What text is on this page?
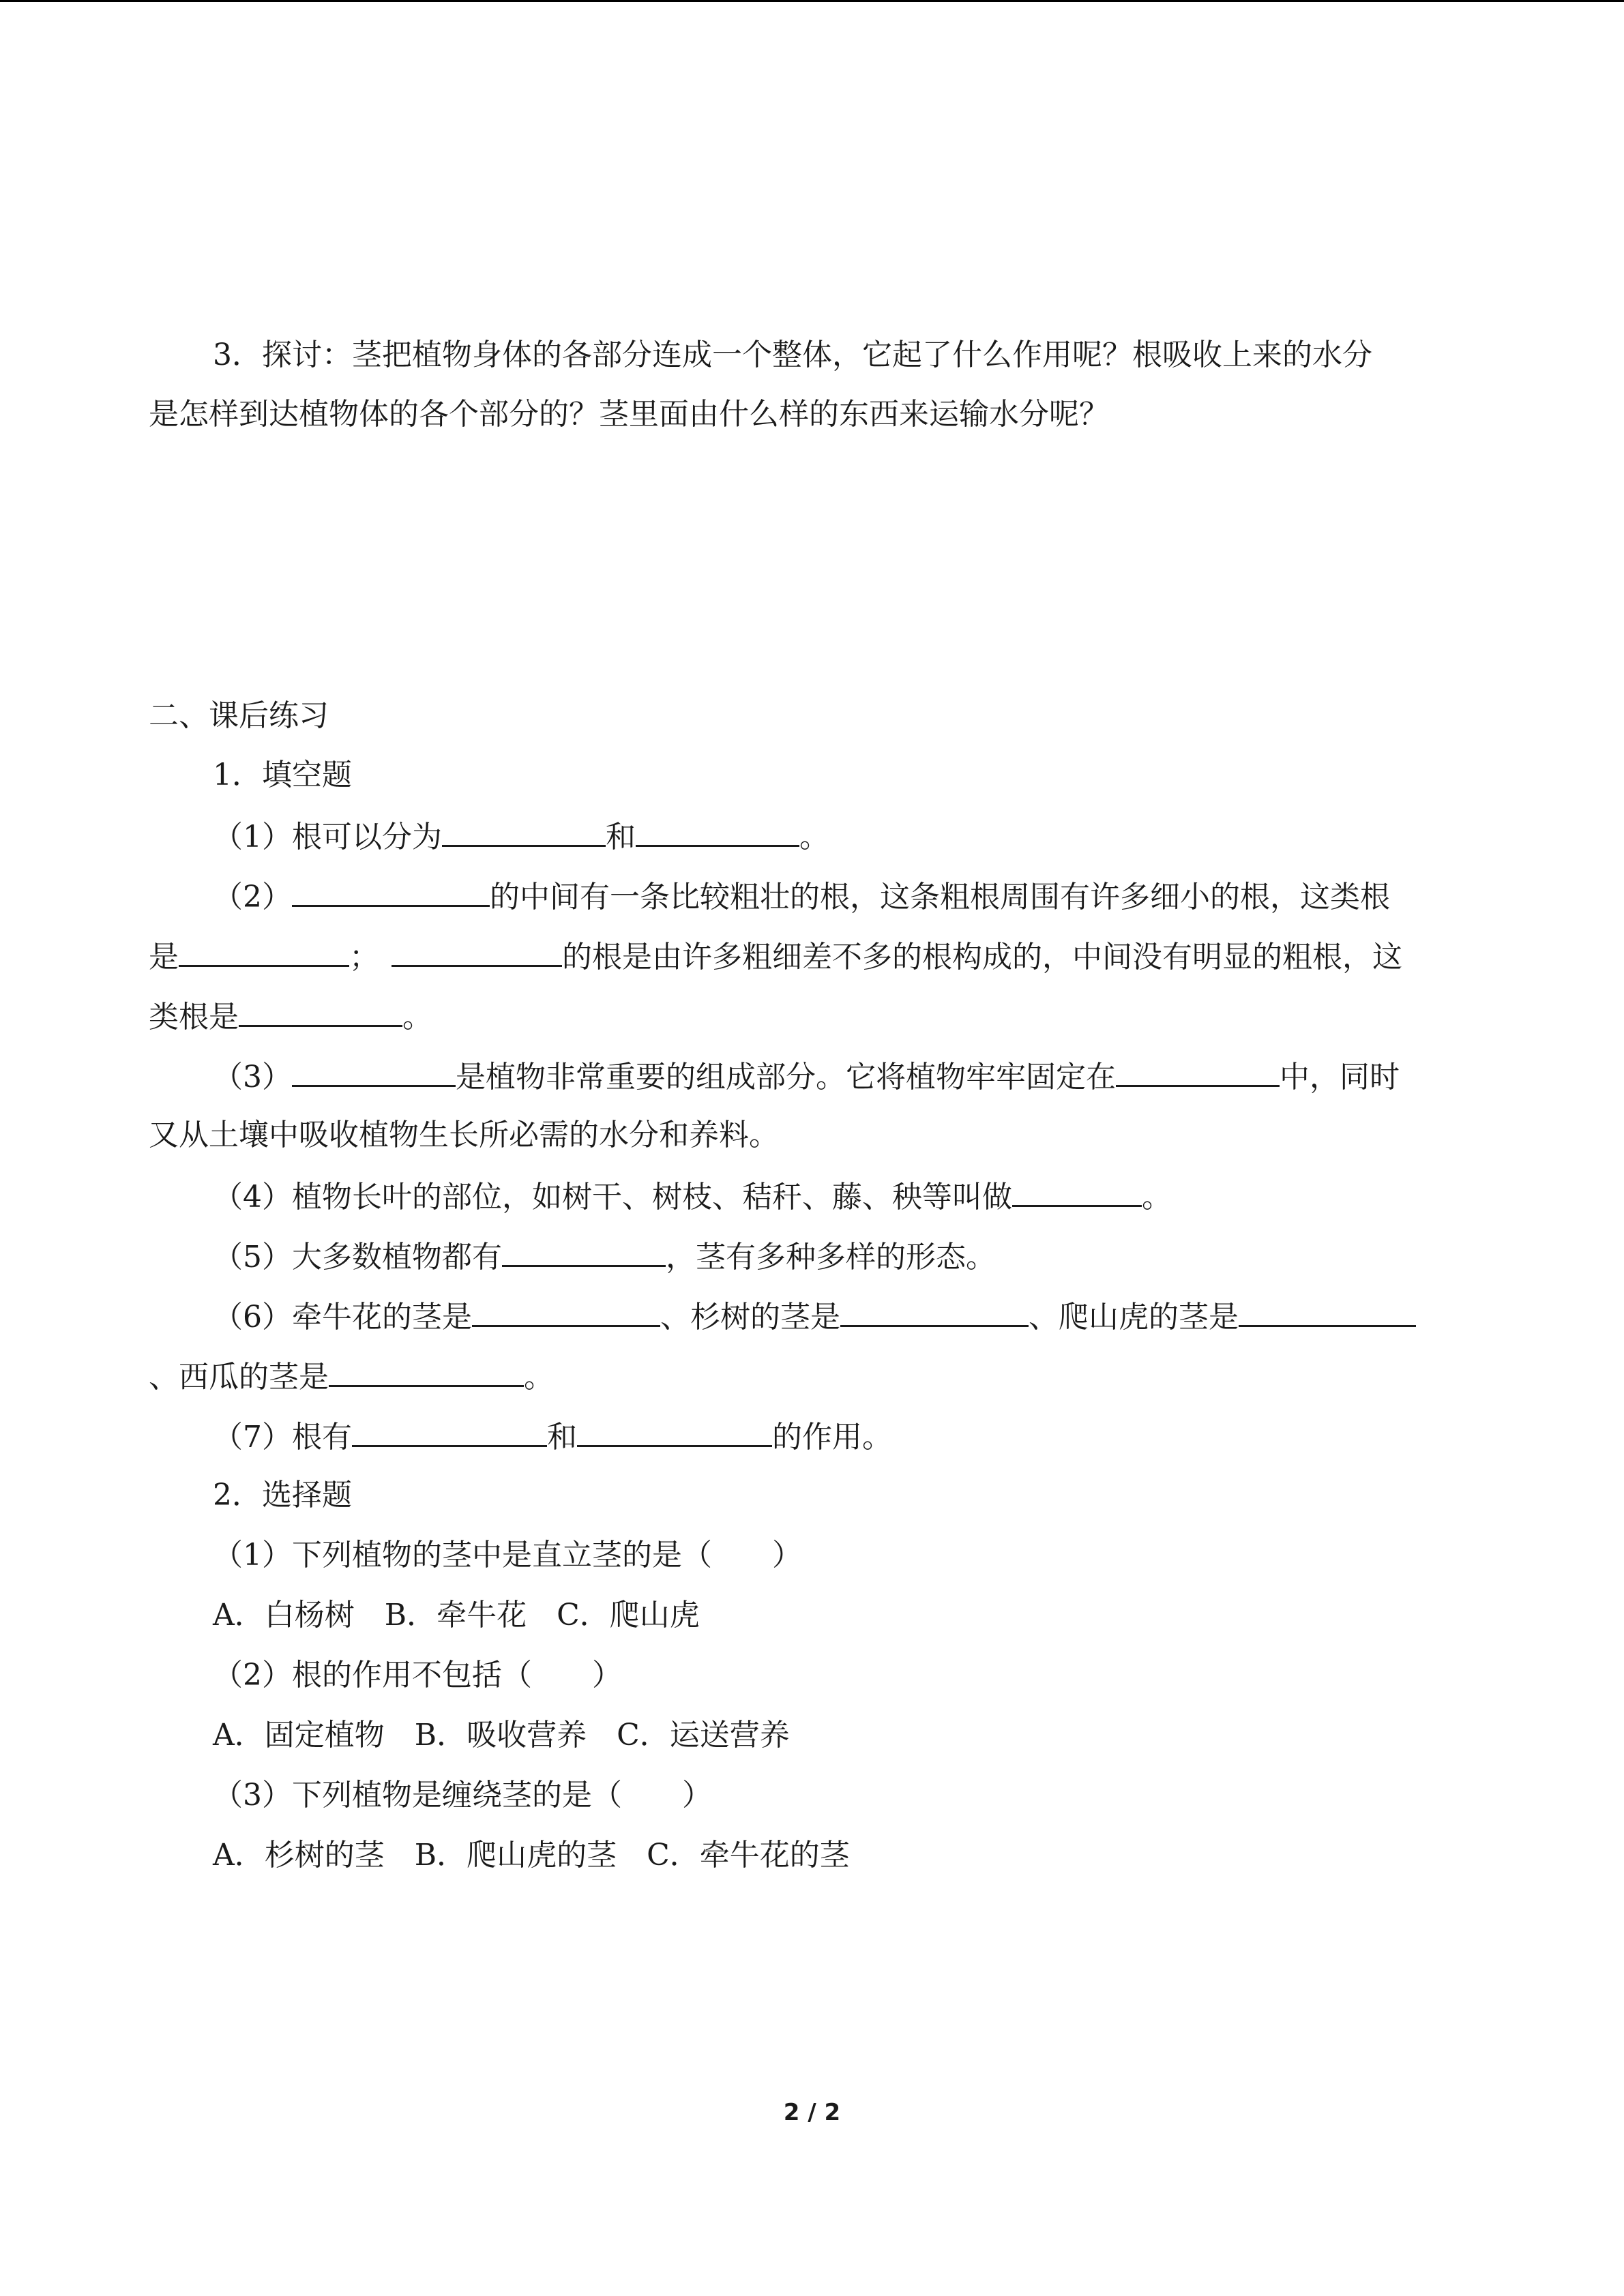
3．探讨：茎把植物身体的各部分连成一个整体，它起了什么作用呢？根吸收上来的水分
是怎样到达植物体的各个部分的？茎里面由什么样的东西来运输水分呢？
二、课后练习
1．填空题
（1）根可以分为	和	。
（2）	的中间有一条比较粗壮的根，这条粗根周围有许多细小的根，这类根
是	；	的根是由许多粗细差不多的根构成的，中间没有明显的粗根，这
类根是	。
（3）	是植物非常重要的组成部分。它将植物牢牢固定在	中，同时
又从土壤中吸收植物生长所必需的水分和养料。
（4）植物长叶的部位，如树干、树枝、秸秆、藤、秧等叫做	。
（5）大多数植物都有	，茎有多种多样的形态。
（6）牵牛花的茎是	、杉树的茎是	、爬山虎的茎是
、西瓜的茎是	。
（7）根有	和	的作用。
2．选择题
（1）下列植物的茎中是直立茎的是（　　）
A．白杨树　B．牵牛花　C．爬山虎
（2）根的作用不包括（　　）
A．固定植物　B．吸收营养　C．运送营养
（3）下列植物是缠绕茎的是（　　）
A．杉树的茎　B．爬山虎的茎　C．牵牛花的茎
2 / 2
